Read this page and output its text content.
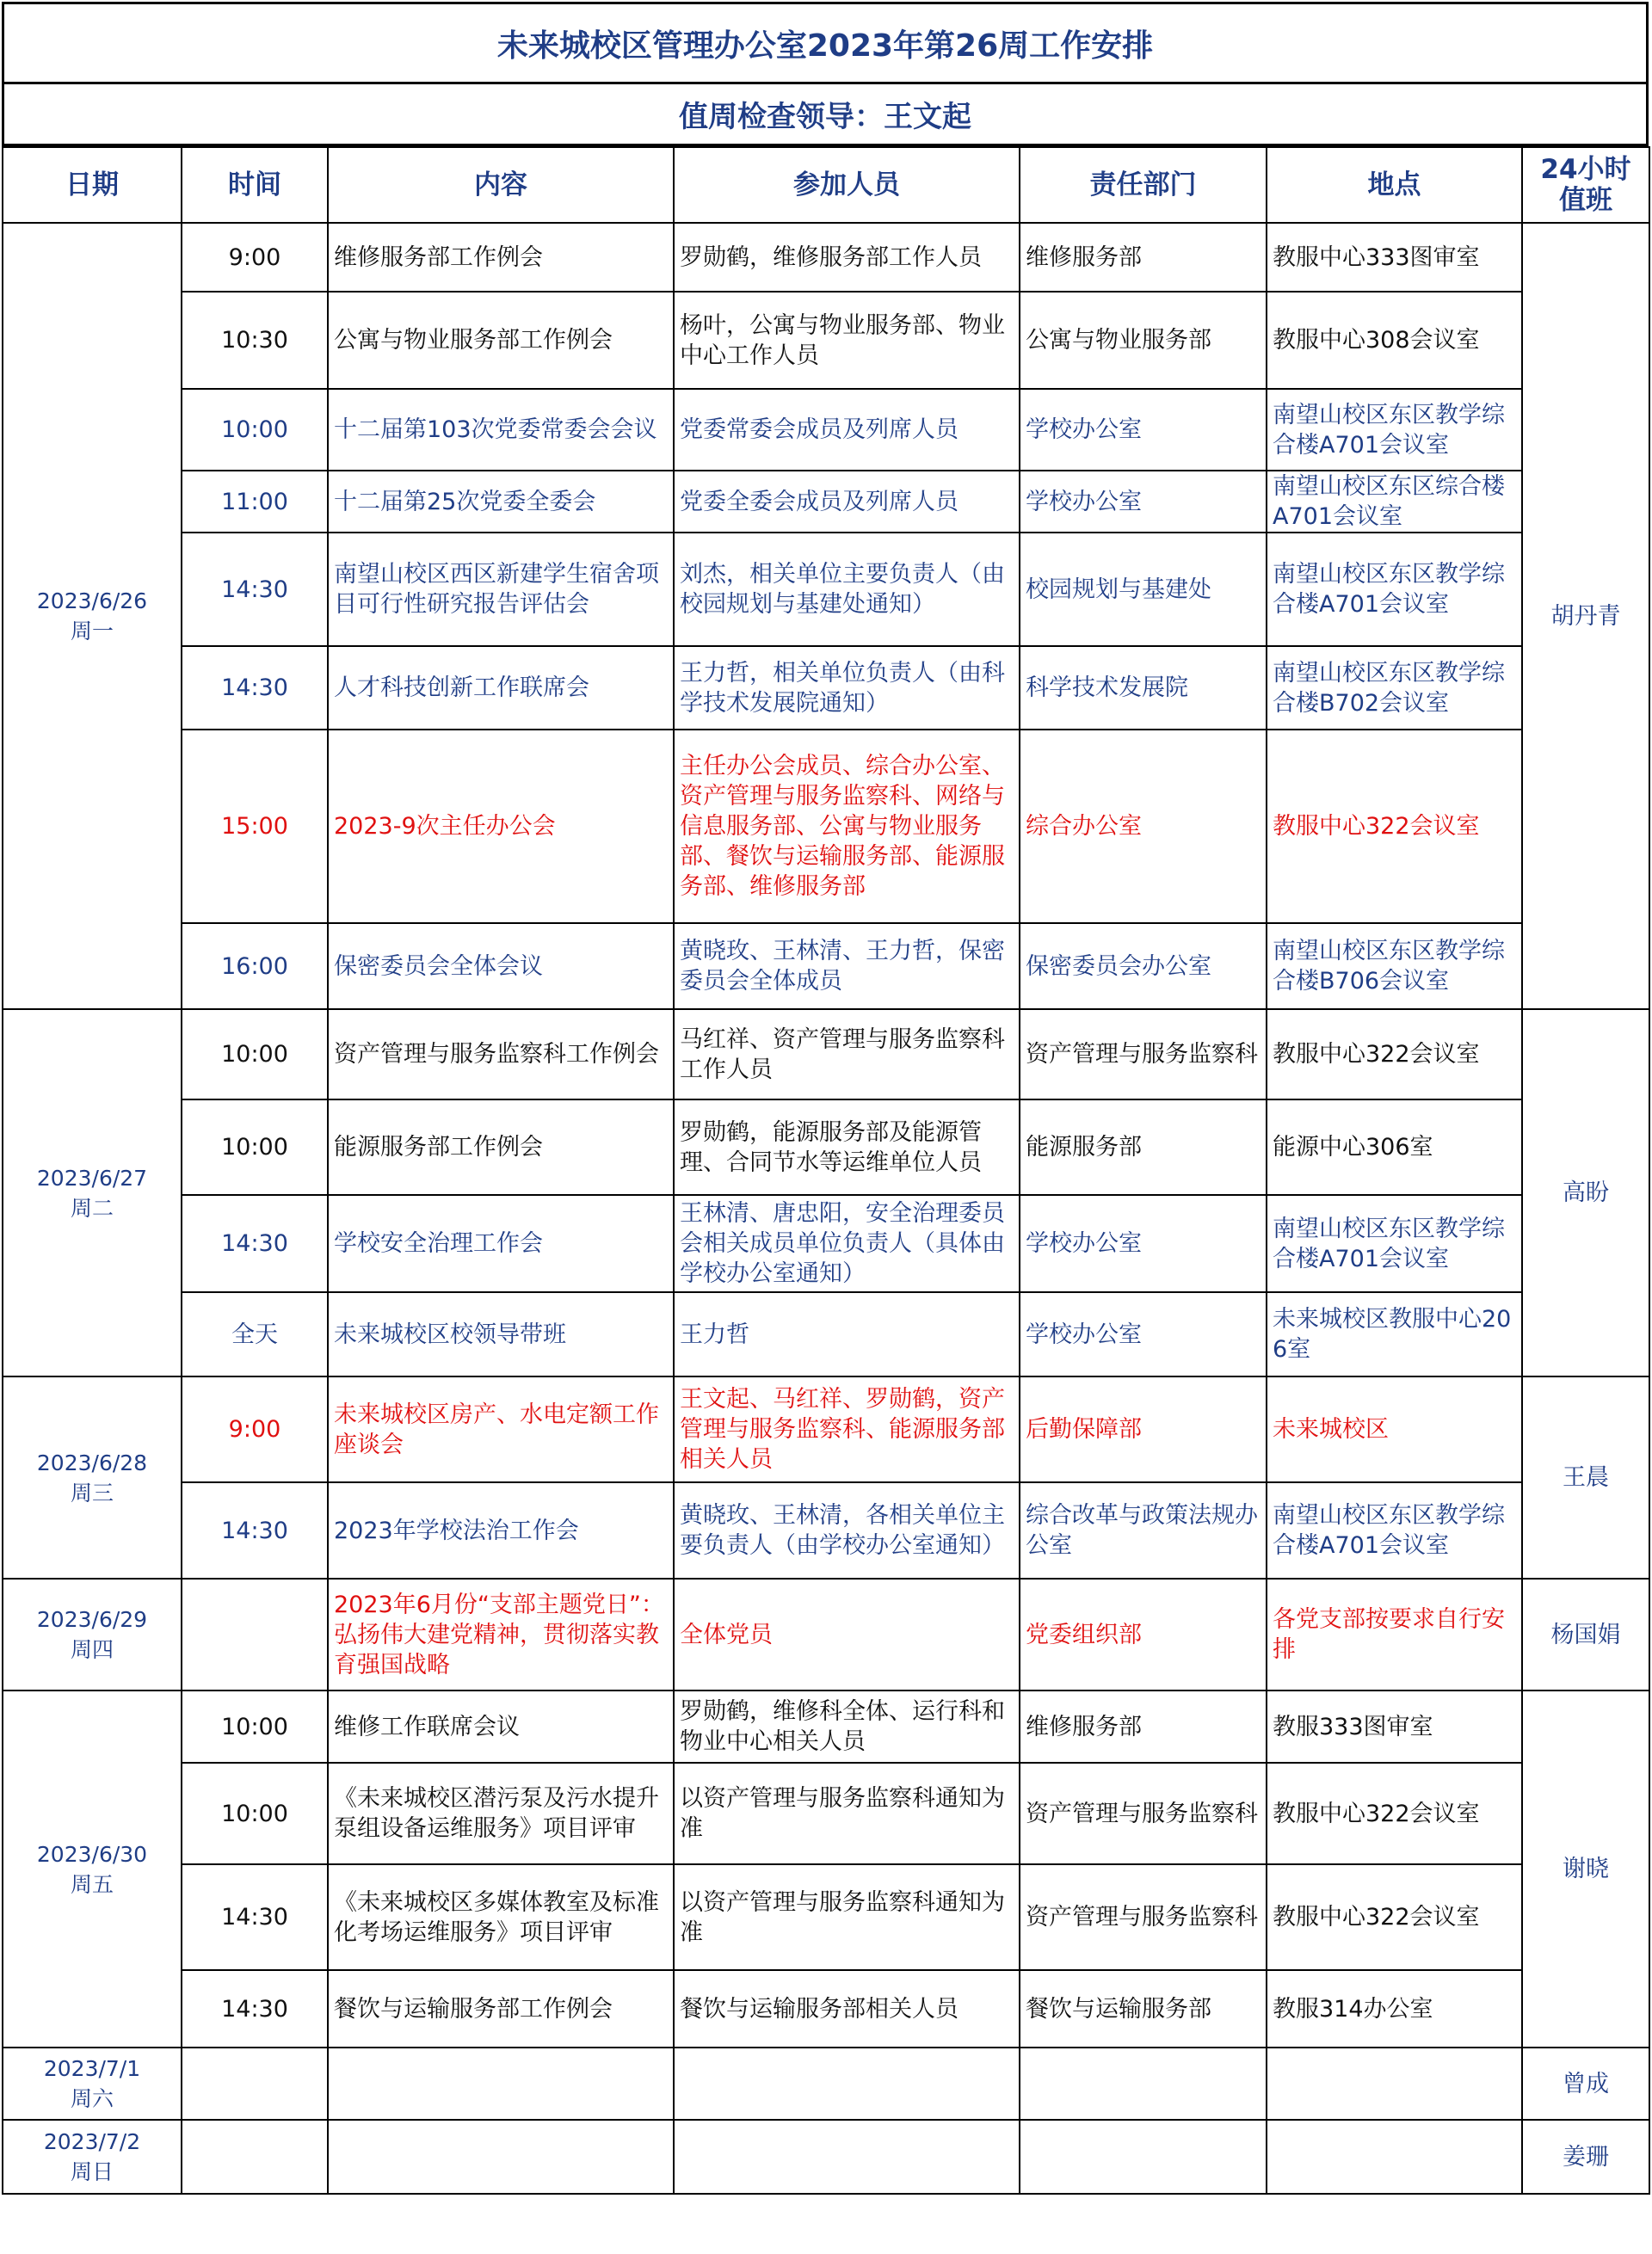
未来城校区管理办公室2023年第26周工作安排
值周检查领导：王文起
日期	时间	内容	参加人员	责任部门	地点	24小时值班

2023/6/26
周一	9:00	维修服务部工作例会	罗勋鹤，维修服务部工作人员	维修服务部	教服中心333图审室	胡丹青
	10:30	公寓与物业服务部工作例会	杨叶，公寓与物业服务部、物业中心工作人员	公寓与物业服务部	教服中心308会议室	
	10:00	十二届第103次党委常委会会议	党委常委会成员及列席人员	学校办公室	南望山校区东区教学综合楼A701会议室	
	11:00	十二届第25次党委全委会	党委全委会成员及列席人员	学校办公室	南望山校区东区综合楼A701会议室	
	14:30	南望山校区西区新建学生宿舍项目可行性研究报告评估会	刘杰，相关单位主要负责人（由校园规划与基建处通知）	校园规划与基建处	南望山校区东区教学综合楼A701会议室	
	14:30	人才科技创新工作联席会	王力哲，相关单位负责人（由科学技术发展院通知）	科学技术发展院	南望山校区东区教学综合楼B702会议室	
	15:00	2023-9次主任办公会	主任办公会成员、综合办公室、资产管理与服务监察科、网络与信息服务部、公寓与物业服务部、餐饮与运输服务部、能源服务部、维修服务部	综合办公室	教服中心322会议室	
	16:00	保密委员会全体会议	黄晓玫、王林清、王力哲，保密委员会全体成员	保密委员会办公室	南望山校区东区教学综合楼B706会议室	

2023/6/27
周二	10:00	资产管理与服务监察科工作例会	马红祥、资产管理与服务监察科工作人员	资产管理与服务监察科	教服中心322会议室	高盼
	10:00	能源服务部工作例会	罗勋鹤，能源服务部及能源管理、合同节水等运维单位人员	能源服务部	能源中心306室	
	14:30	学校安全治理工作会	王林清、唐忠阳，安全治理委员会相关成员单位负责人（具体由学校办公室通知）	学校办公室	南望山校区东区教学综合楼A701会议室	
	全天	未来城校区校领导带班	王力哲	学校办公室	未来城校区教服中心206室	

2023/6/28
周三	9:00	未来城校区房产、水电定额工作座谈会	王文起、马红祥、罗勋鹤，资产管理与服务监察科、能源服务部相关人员	后勤保障部	未来城校区	王晨
	14:30	2023年学校法治工作会	黄晓玫、王林清，各相关单位主要负责人（由学校办公室通知）	综合改革与政策法规办公室	南望山校区东区教学综合楼A701会议室	

2023/6/29
周四		2023年6月份“支部主题党日”：弘扬伟大建党精神，贯彻落实教育强国战略	全体党员	党委组织部	各党支部按要求自行安排	杨国娟

2023/6/30
周五	10:00	维修工作联席会议	罗勋鹤，维修科全体、运行科和物业中心相关人员	维修服务部	教服333图审室	谢晓
	10:00	《未来城校区潜污泵及污水提升泵组设备运维服务》项目评审	以资产管理与服务监察科通知为准	资产管理与服务监察科	教服中心322会议室	
	14:30	《未来城校区多媒体教室及标准化考场运维服务》项目评审	以资产管理与服务监察科通知为准	资产管理与服务监察科	教服中心322会议室	
	14:30	餐饮与运输服务部工作例会	餐饮与运输服务部相关人员	餐饮与运输服务部	教服314办公室	

2023/7/1
周六						曾成

2023/7/2
周日						姜珊
